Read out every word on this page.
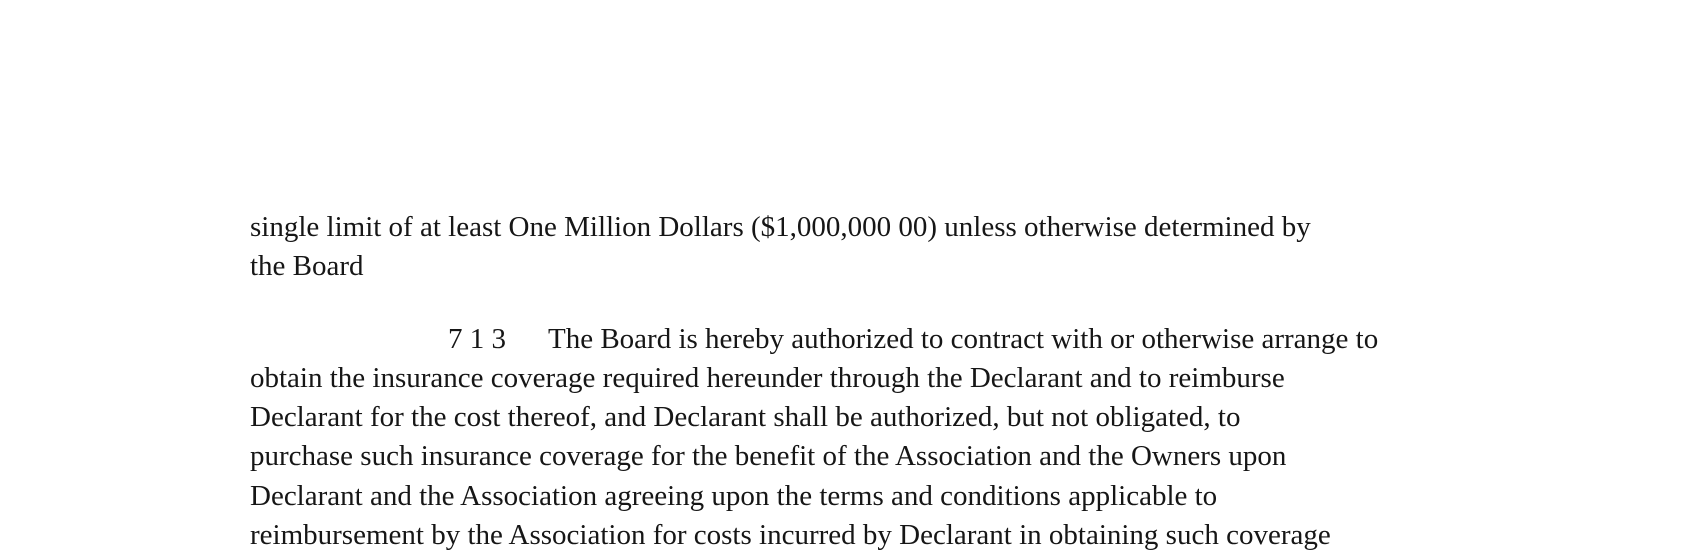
single limit of at least One Million Dollars ($1,000,000 00) unless otherwise determined by
the Board
7 1 3 The Board is hereby authorized to contract with or otherwise arrange to
obtain the insurance coverage required hereunder through the Declarant and to reimburse
Declarant for the cost thereof, and Declarant shall be authorized, but not obligated, to
purchase such insurance coverage for the benefit of the Association and the Owners upon
Declarant and the Association agreeing upon the terms and conditions applicable to
reimbursement by the Association for costs incurred by Declarant in obtaining such coverage
